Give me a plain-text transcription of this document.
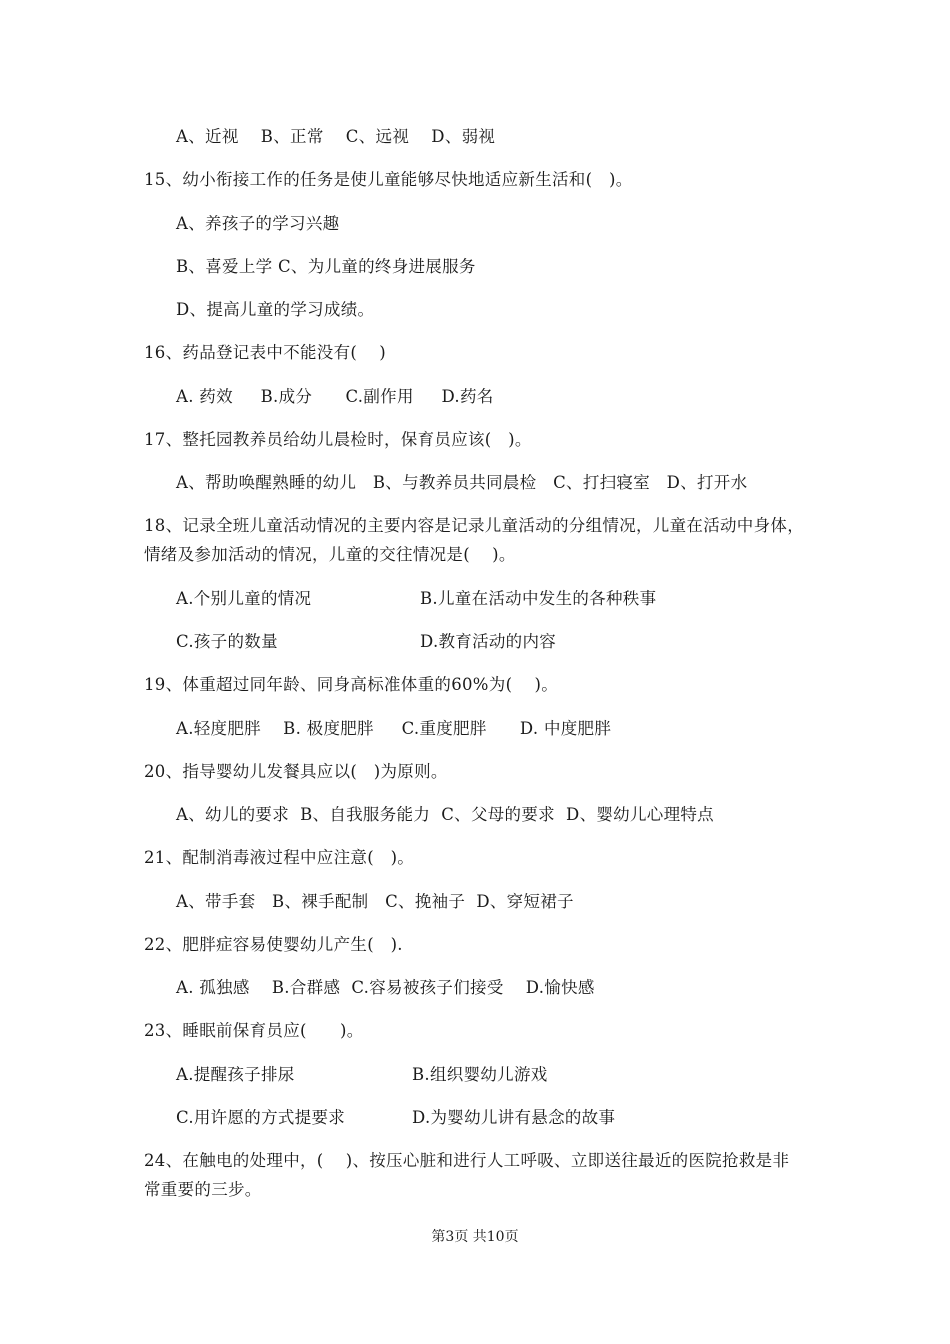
A、近视    B、正常    C、远视    D、弱视
15、幼小衔接工作的任务是使儿童能够尽快地适应新生活和(   )。
A、养孩子的学习兴趣
B、喜爱上学 C、为儿童的终身进展服务
D、提高儿童的学习成绩。
16、药品登记表中不能没有(    )
A. 药效     B.成分      C.副作用     D.药名
17、整托园教养员给幼儿晨检时，保育员应该(   )。
A、帮助唤醒熟睡的幼儿   B、与教养员共同晨检   C、打扫寝室   D、打开水
18、记录全班儿童活动情况的主要内容是记录儿童活动的分组情况，儿童在活动中身体，
情绪及参加活动的情况，儿童的交往情况是(    )。
A.个别儿童的情况	B.儿童在活动中发生的各种秩事
C.孩子的数量	D.教育活动的内容
19、体重超过同年龄、同身高标准体重的60%为(    )。
A.轻度肥胖    B. 极度肥胖     C.重度肥胖      D. 中度肥胖
20、指导婴幼儿发餐具应以(   )为原则。
A、幼儿的要求  B、自我服务能力  C、父母的要求  D、婴幼儿心理特点
21、配制消毒液过程中应注意(   )。
A、带手套   B、裸手配制   C、挽袖子  D、穿短裙子
22、肥胖症容易使婴幼儿产生(   ).
A. 孤独感    B.合群感  C.容易被孩子们接受    D.愉快感
23、睡眠前保育员应(      )。
A.提醒孩子排尿	B.组织婴幼儿游戏
C.用许愿的方式提要求	D.为婴幼儿讲有悬念的故事
24、在触电的处理中，(    )、按压心脏和进行人工呼吸、立即送往最近的医院抢救是非
常重要的三步。
第3页 共10页
